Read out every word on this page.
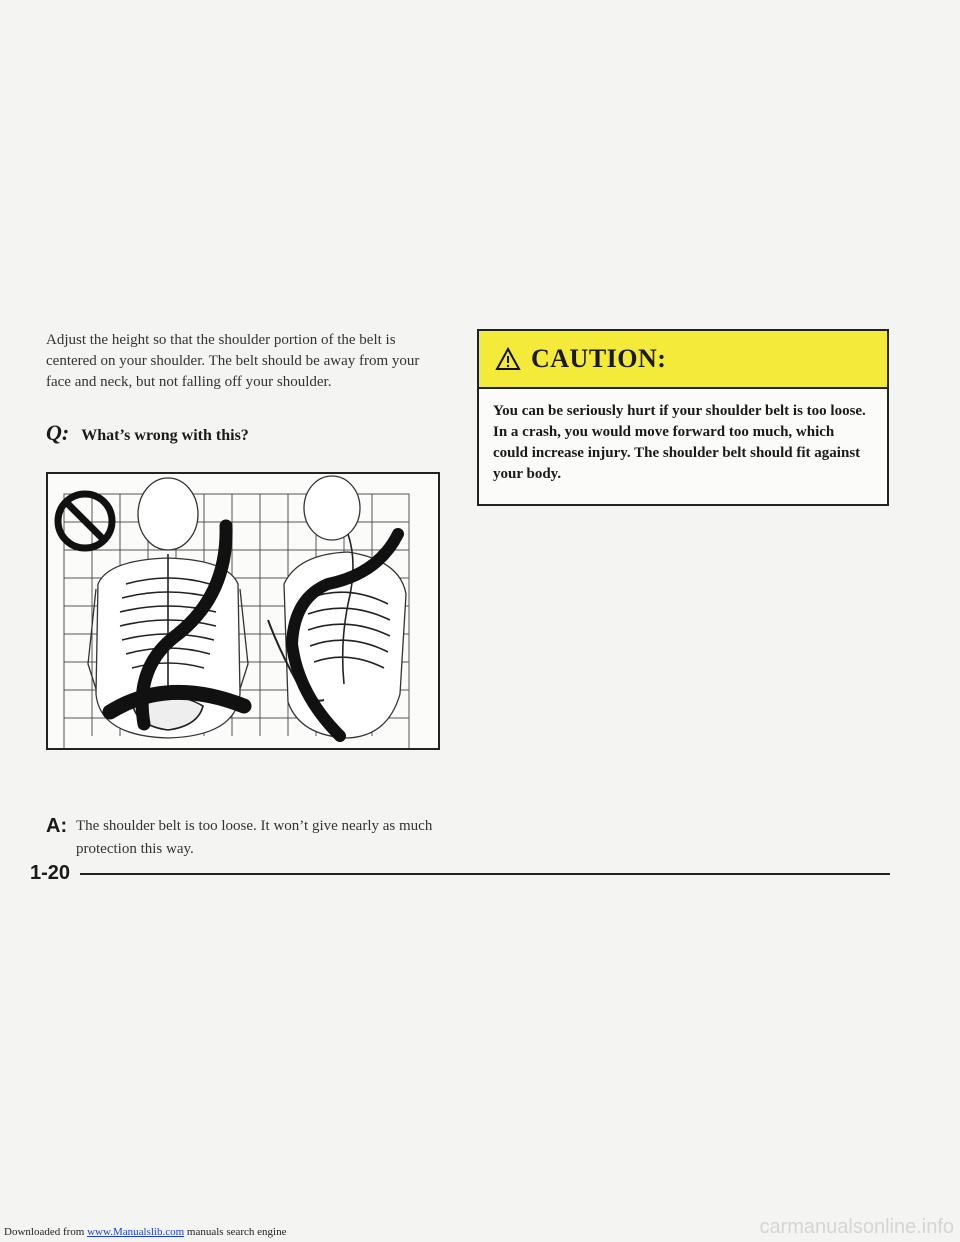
Adjust the height so that the shoulder portion of the belt is centered on your shoulder. The belt should be away from your face and neck, but not falling off your shoulder.

Q: What’s wrong with this?
A: The shoulder belt is too loose. It won’t give nearly as much protection this way.
CAUTION:

You can be seriously hurt if your shoulder belt is too loose. In a crash, you would move forward too much, which could increase injury. The shoulder belt should fit against your body.

1-20
Downloaded from www.Manualslib.com manuals search engine	carmanualsonline.info
